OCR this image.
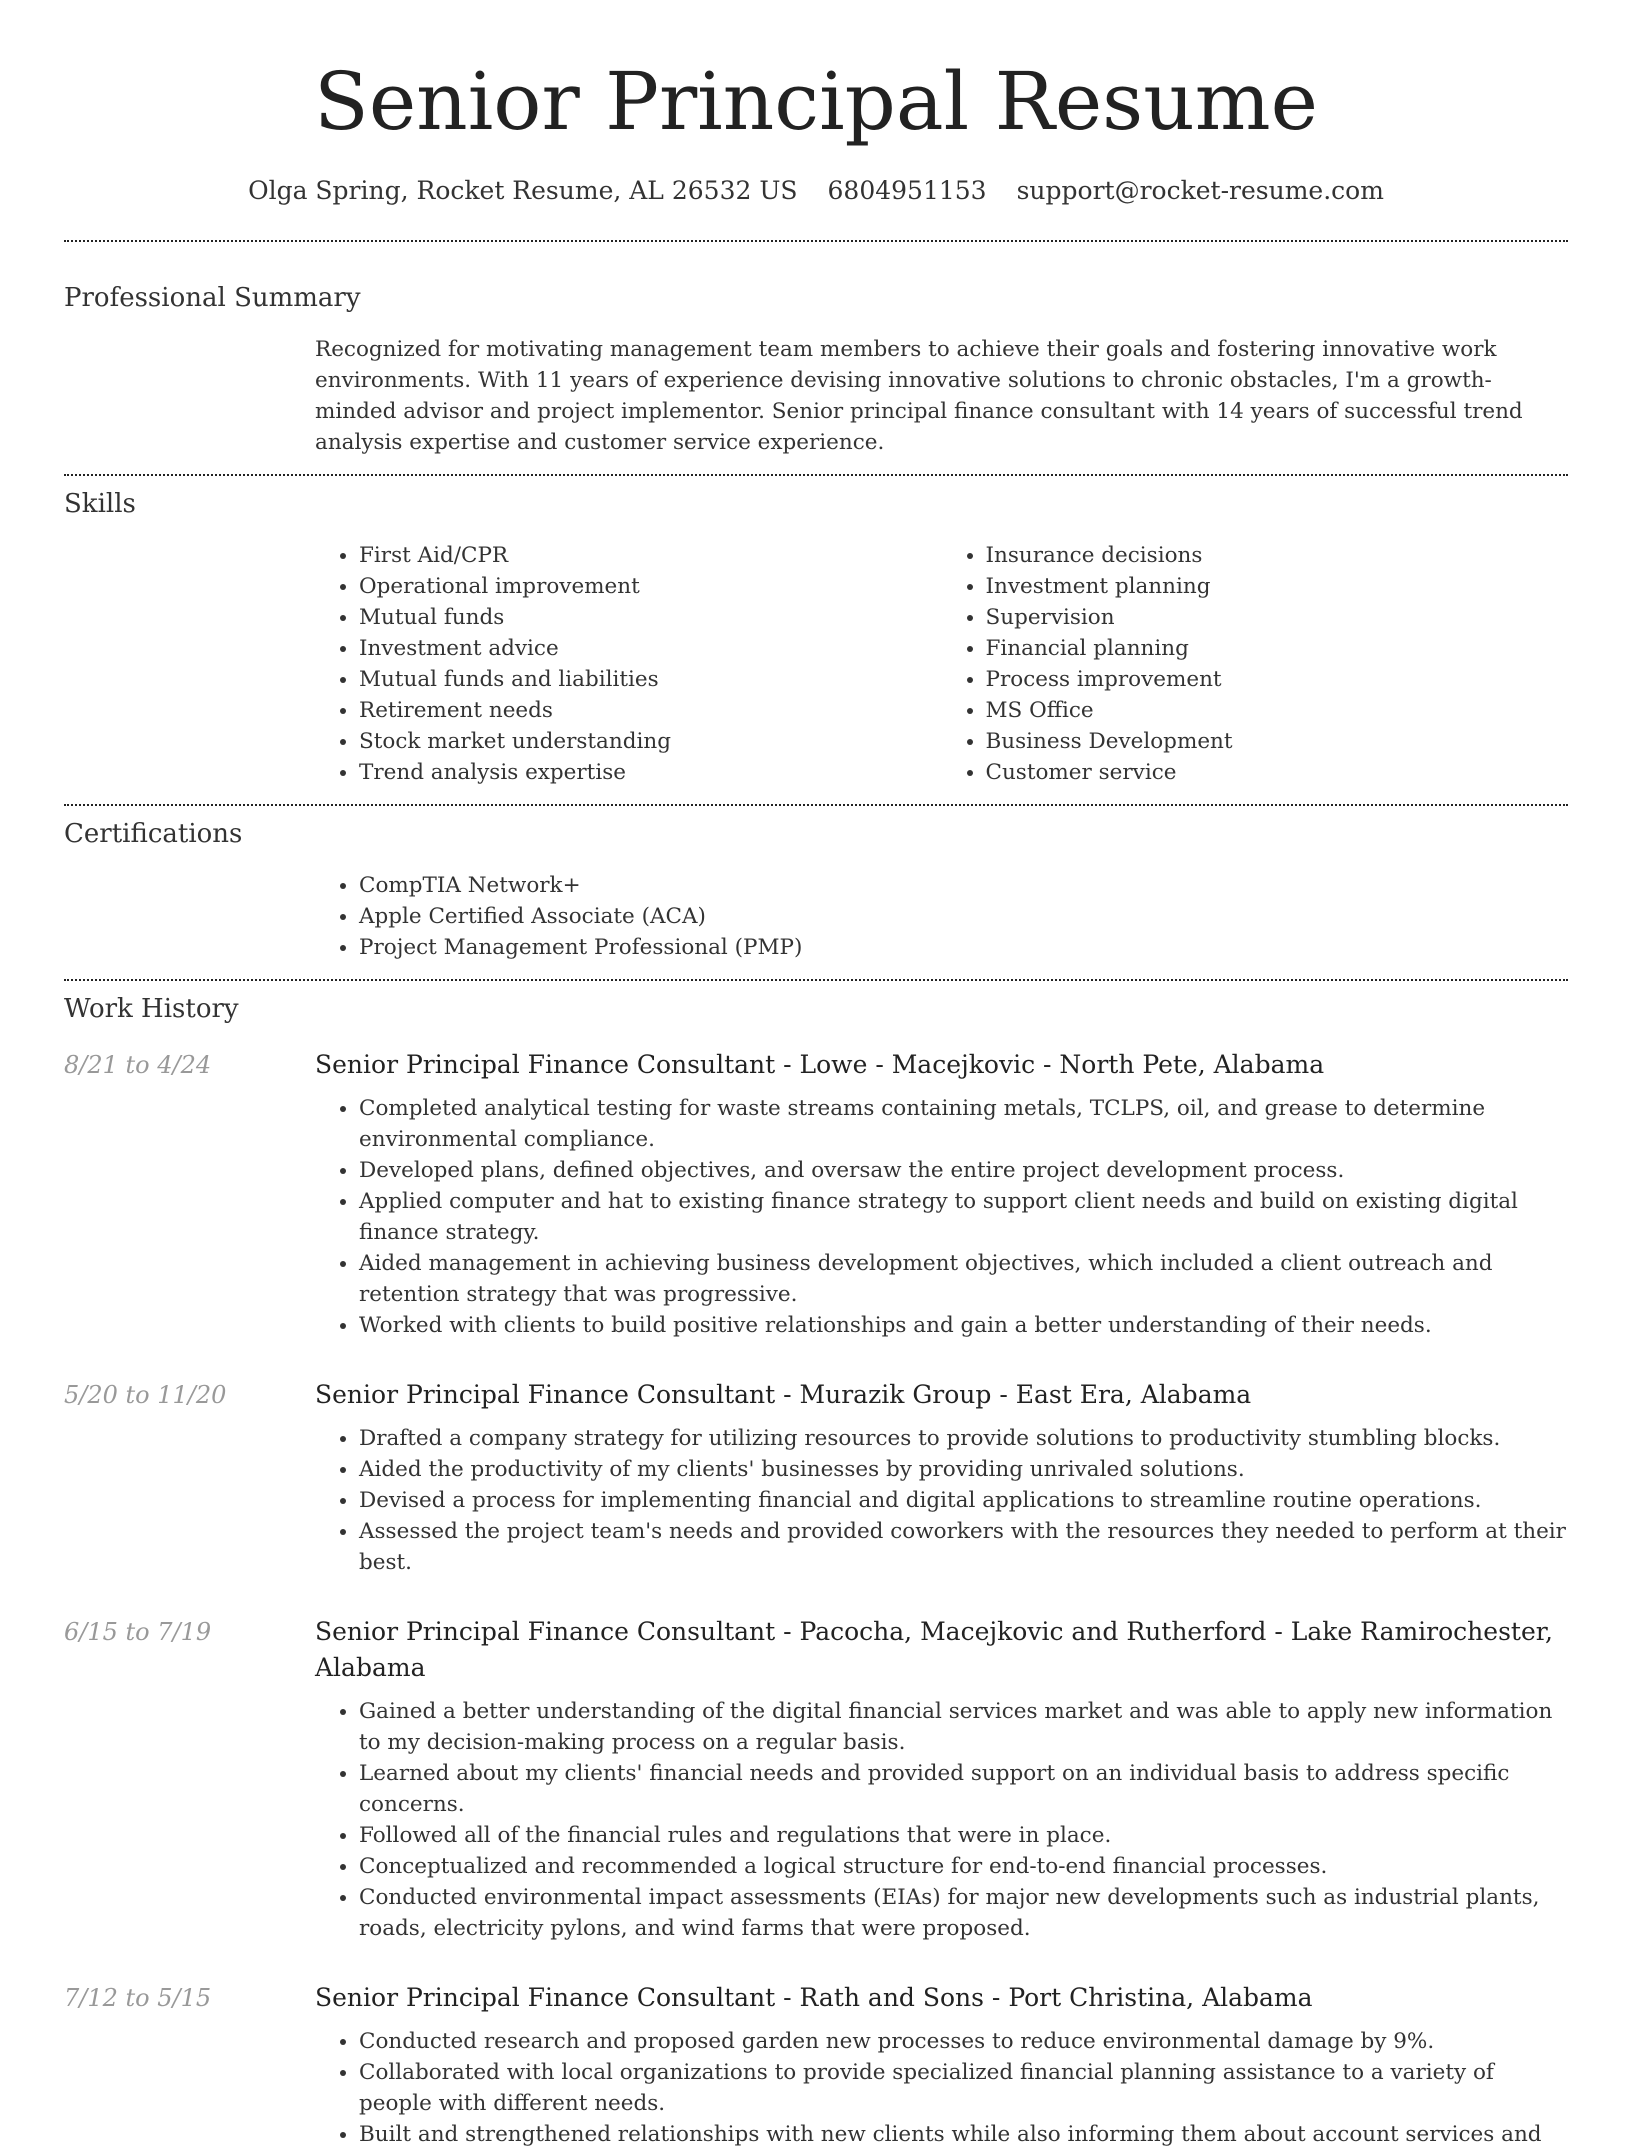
Senior Principal Resume
Olga Spring, Rocket Resume, AL 26532 US 6804951153 support@rocket-resume.com
Professional Summary

Recognized for motivating management team members to achieve their goals and fostering innovative work environments. With 11 years of experience devising innovative solutions to chronic obstacles, I'm a growth-minded advisor and project implementor. Senior principal finance consultant with 14 years of successful trend analysis expertise and customer service experience.

Skills
• First Aid/CPR
• Operational improvement
• Mutual funds
• Investment advice
• Mutual funds and liabilities
• Retirement needs
• Stock market understanding
• Trend analysis expertise
• Insurance decisions
• Investment planning
• Supervision
• Financial planning
• Process improvement
• MS Office
• Business Development
• Customer service
Certifications
• CompTIA Network+
• Apple Certified Associate (ACA)
• Project Management Professional (PMP)
Work History
8/21 to 4/24	Senior Principal Finance Consultant - Lowe - Macejkovic - North Pete, Alabama
• Completed analytical testing for waste streams containing metals, TCLPS, oil, and grease to determine environmental compliance.
• Developed plans, defined objectives, and oversaw the entire project development process.
• Applied computer and hat to existing finance strategy to support client needs and build on existing digital finance strategy.
• Aided management in achieving business development objectives, which included a client outreach and retention strategy that was progressive.
• Worked with clients to build positive relationships and gain a better understanding of their needs.
5/20 to 11/20	Senior Principal Finance Consultant - Murazik Group - East Era, Alabama
• Drafted a company strategy for utilizing resources to provide solutions to productivity stumbling blocks.
• Aided the productivity of my clients' businesses by providing unrivaled solutions.
• Devised a process for implementing financial and digital applications to streamline routine operations.
• Assessed the project team's needs and provided coworkers with the resources they needed to perform at their best.
6/15 to 7/19	Senior Principal Finance Consultant - Pacocha, Macejkovic and Rutherford - Lake Ramirochester, Alabama
• Gained a better understanding of the digital financial services market and was able to apply new information to my decision-making process on a regular basis.
• Learned about my clients' financial needs and provided support on an individual basis to address specific concerns.
• Followed all of the financial rules and regulations that were in place.
• Conceptualized and recommended a logical structure for end-to-end financial processes.
• Conducted environmental impact assessments (EIAs) for major new developments such as industrial plants, roads, electricity pylons, and wind farms that were proposed.
7/12 to 5/15	Senior Principal Finance Consultant - Rath and Sons - Port Christina, Alabama
• Conducted research and proposed garden new processes to reduce environmental damage by 9%.
• Collaborated with local organizations to provide specialized financial planning assistance to a variety of people with different needs.
• Built and strengthened relationships with new clients while also informing them about account services and
